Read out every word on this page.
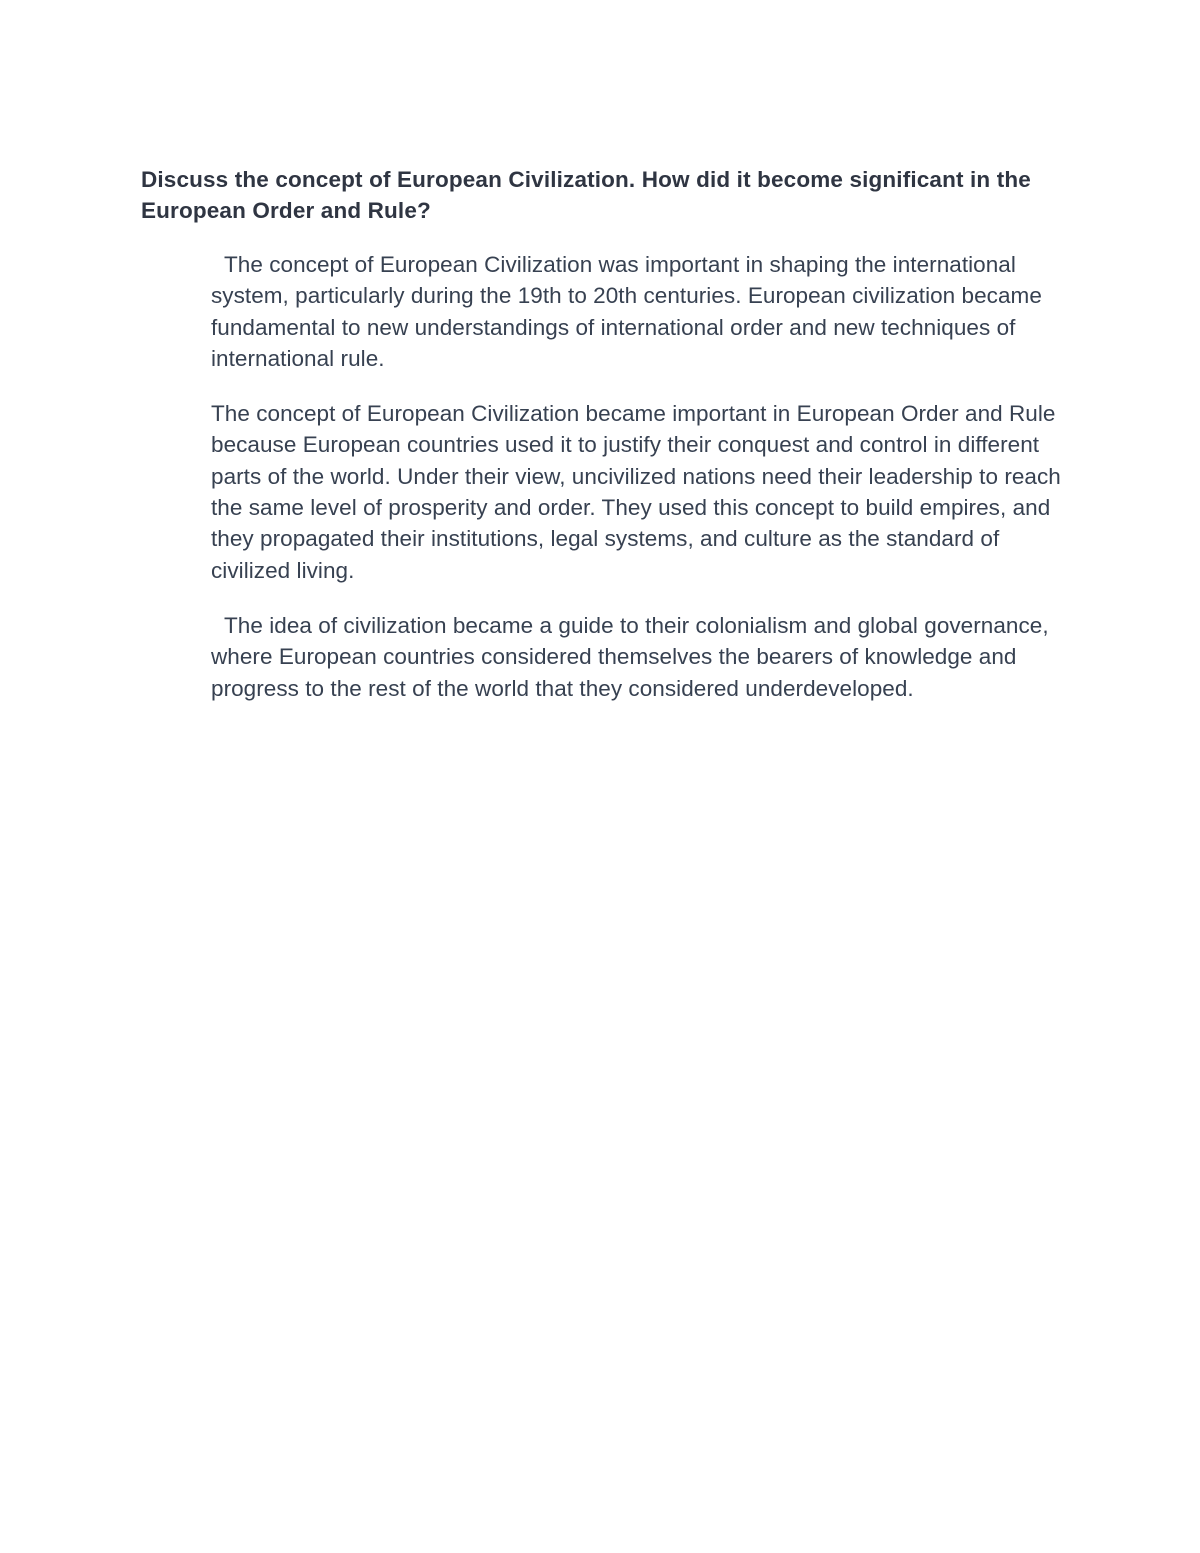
Discuss the concept of European Civilization. How did it become significant in the European Order and Rule?

The concept of European Civilization was important in shaping the international system, particularly during the 19th to 20th centuries. European civilization became fundamental to new understandings of international order and new techniques of international rule.

The concept of European Civilization became important in European Order and Rule because European countries used it to justify their conquest and control in different parts of the world. Under their view, uncivilized nations need their leadership to reach the same level of prosperity and order. They used this concept to build empires, and they propagated their institutions, legal systems, and culture as the standard of civilized living.

The idea of civilization became a guide to their colonialism and global governance, where European countries considered themselves the bearers of knowledge and progress to the rest of the world that they considered underdeveloped.
